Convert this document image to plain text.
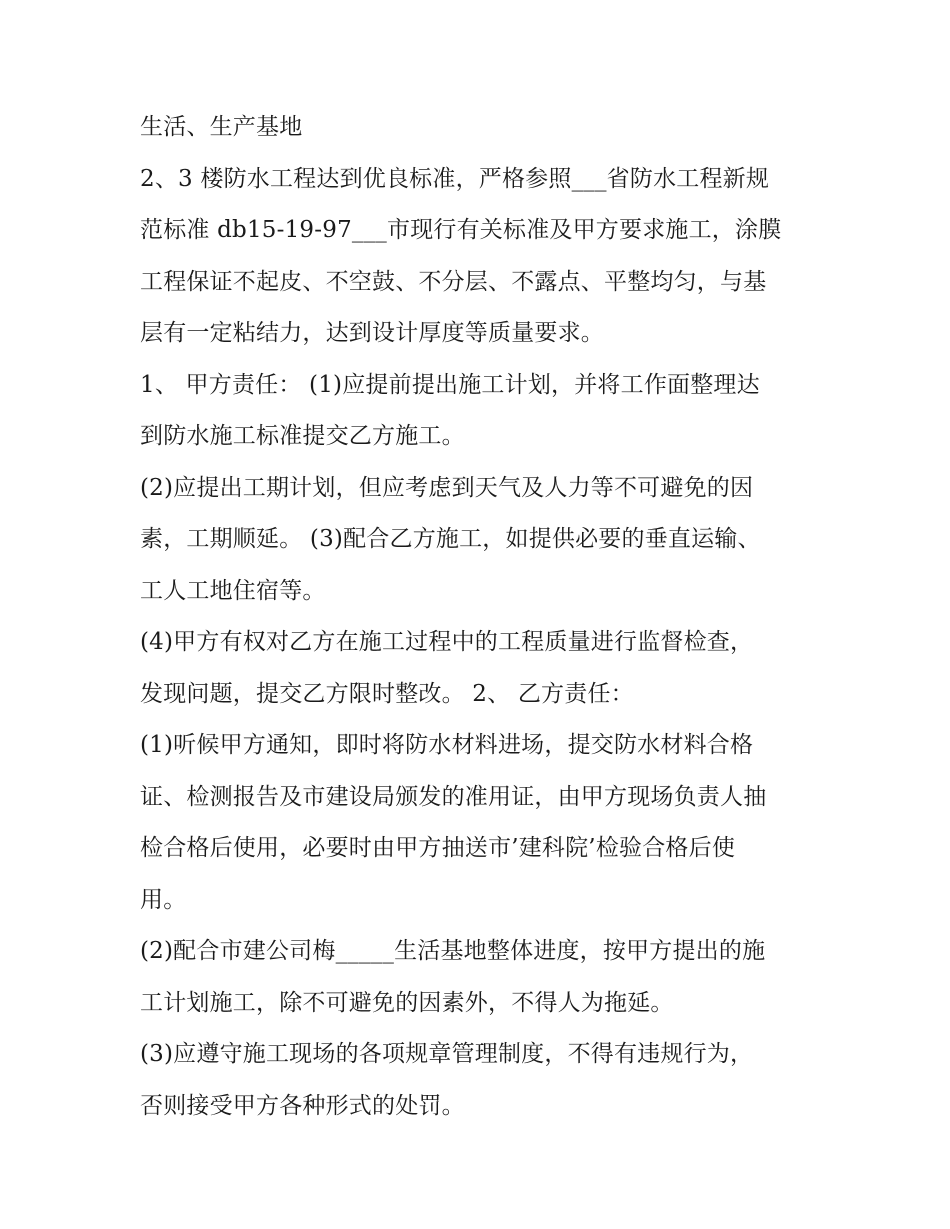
生活、生产基地
2、3 楼防水工程达到优良标准，严格参照___省防水工程新规
范标准 db15-19-97___市现行有关标准及甲方要求施工，涂膜
工程保证不起皮、不空鼓、不分层、不露点、平整均匀，与基
层有一定粘结力，达到设计厚度等质量要求。
1、 甲方责任： (1)应提前提出施工计划，并将工作面整理达
到防水施工标准提交乙方施工。
(2)应提出工期计划，但应考虑到天气及人力等不可避免的因
素，工期顺延。 (3)配合乙方施工，如提供必要的垂直运输、
工人工地住宿等。
(4)甲方有权对乙方在施工过程中的工程质量进行监督检查，
发现问题，提交乙方限时整改。 2、 乙方责任：
(1)听候甲方通知，即时将防水材料进场，提交防水材料合格
证、检测报告及市建设局颁发的准用证，由甲方现场负责人抽
检合格后使用，必要时由甲方抽送市’建科院’检验合格后使
用。
(2)配合市建公司梅_____生活基地整体进度，按甲方提出的施
工计划施工，除不可避免的因素外，不得人为拖延。
(3)应遵守施工现场的各项规章管理制度，不得有违规行为，
否则接受甲方各种形式的处罚。
